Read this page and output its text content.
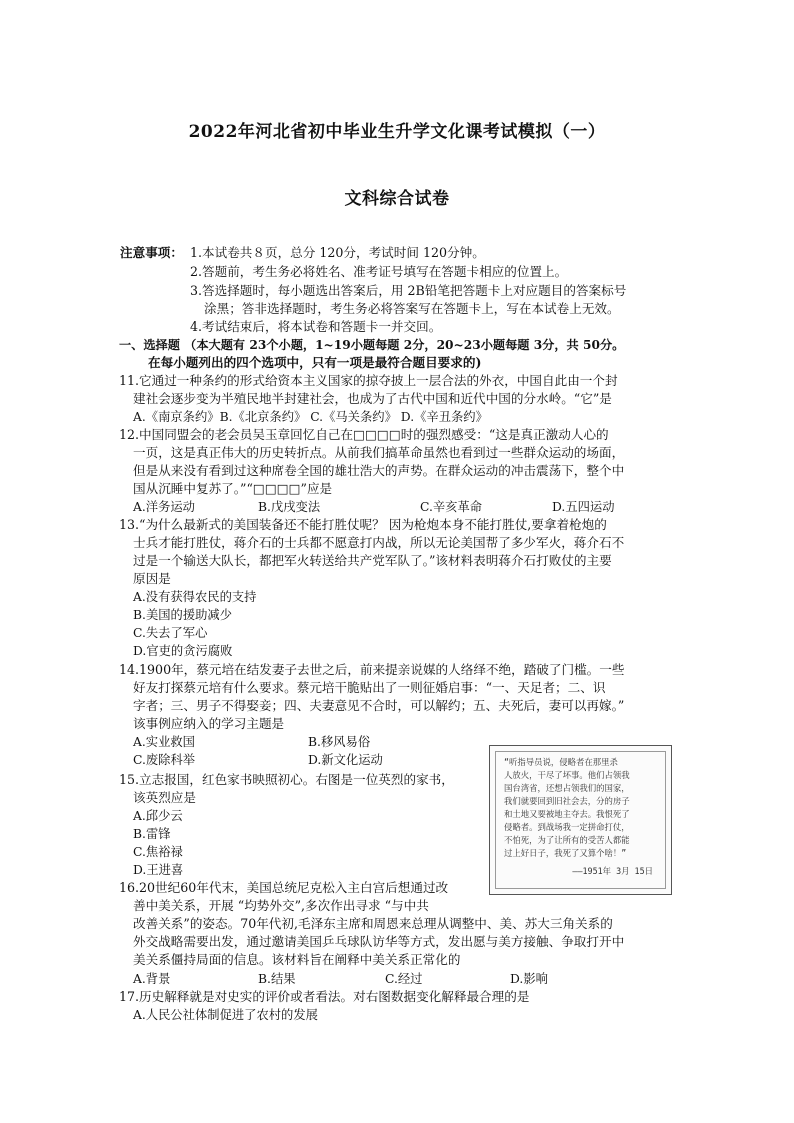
2022年河北省初中毕业生升学文化课考试模拟（一）
文科综合试卷
注意事项： 1.本试卷共８页，总分 120分，考试时间 120分钟。
2.答题前，考生务必将姓名、准考证号填写在答题卡相应的位置上。
3.答选择题时，每小题选出答案后，用 2B铅笔把答题卡上对应题目的答案标号
涂黑；答非选择题时，考生务必将答案写在答题卡上，写在本试卷上无效。
4.考试结束后，将本试卷和答题卡一并交回。
一、选择题 （本大题有 23个小题，1~19小题每题 2分，20~23小题每题 3分，共 50分。
在每小题列出的四个选项中，只有一项是最符合题目要求的)
11.它通过一种条约的形式给资本主义国家的掠夺披上一层合法的外衣，中国自此由一个封
建社会逐步变为半殖民地半封建社会，也成为了古代中国和近代中国的分水岭。“它”是
A.《南京条约》B.《北京条约》 C.《马关条约》 D.《辛丑条约》
12.中国同盟会的老会员吴玉章回忆自己在□□□□时的强烈感受：“这是真正激动人心的
一页，这是真正伟大的历史转折点。从前我们搞革命虽然也看到过一些群众运动的场面，
但是从来没有看到过这种席卷全国的雄壮浩大的声势。在群众运动的冲击震荡下，整个中
国从沉睡中复苏了。”“□□□□”应是
A.洋务运动	B.戊戌变法	C.辛亥革命	D.五四运动
13.“为什么最新式的美国装备还不能打胜仗呢？ 因为枪炮本身不能打胜仗,要拿着枪炮的
士兵才能打胜仗，蒋介石的士兵都不愿意打内战，所以无论美国帮了多少军火，蒋介石不
过是一个输送大队长，都把军火转送给共产党军队了。”该材料表明蒋介石打败仗的主要
原因是
A.没有获得农民的支持
B.美国的援助减少
C.失去了军心
D.官吏的贪污腐败
14.1900年，蔡元培在结发妻子去世之后，前来提亲说媒的人络绎不绝，踏破了门槛。一些
好友打探蔡元培有什么要求。蔡元培干脆贴出了一则征婚启事：“一、天足者；二、识
字者；三、男子不得娶妾；四、夫妻意见不合时，可以解约；五、夫死后，妻可以再嫁。”
该事例应纳入的学习主题是
A.实业救国	B.移风易俗
C.废除科举	D.新文化运动
15.立志报国，红色家书映照初心。右图是一位英烈的家书，
该英烈应是
A.邱少云
B.雷锋
C.焦裕禄
D.王进喜
“听指导员说，侵略者在那里杀
人放火，干尽了坏事。他们占领我
国台湾省，还想占领我们的国家，
我们就要回到旧社会去，分的房子
和土地又要被地主夺去。我恨死了
侵略者。到战场我一定拼命打仗，
不怕死，为了让所有的受苦人都能
过上好日子，我死了又算个啥！”
——1951年 3月 15日
16.20世纪60年代末，美国总统尼克松入主白宫后想通过改
善中美关系，开展 “均势外交”,多次作出寻求 “与中共
改善关系”的姿态。70年代初,毛泽东主席和周恩来总理从调整中、美、苏大三角关系的
外交战略需要出发，通过邀请美国乒乓球队访华等方式，发出愿与美方接触、争取打开中
美关系僵持局面的信息。该材料旨在阐释中美关系正常化的
A.背景	B.结果	C.经过	D.影响
17.历史解释就是对史实的评价或者看法。对右图数据变化解释最合理的是
A.人民公社体制促进了农村的发展
